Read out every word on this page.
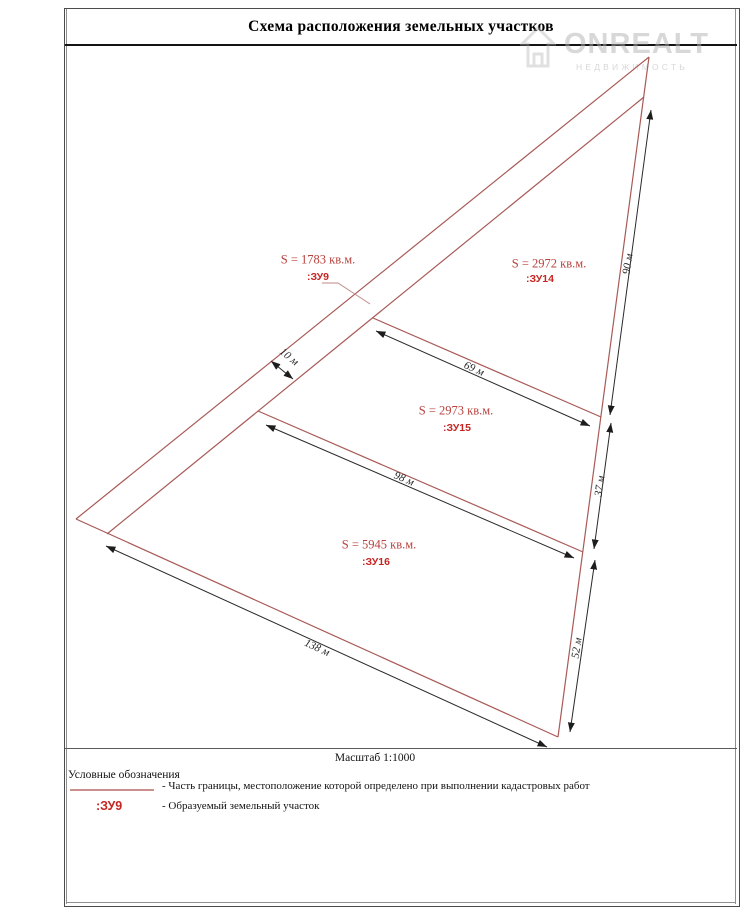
ONREALT
НЕДВИЖИМОСТЬ
Схема расположения земельных участков
S = 1783 кв.м.
:ЗУ9
S = 2972 кв.м.
:ЗУ14
S = 2973 кв.м.
:ЗУ15
S = 5945 кв.м.
:ЗУ16
10 м
90 м
69 м
37 м
98 м
138 м	52 м
Масштаб 1:1000
Условные обозначения
- Часть границы, местоположение которой определено при выполнении кадастровых работ
:ЗУ9	- Образуемый земельный участок
